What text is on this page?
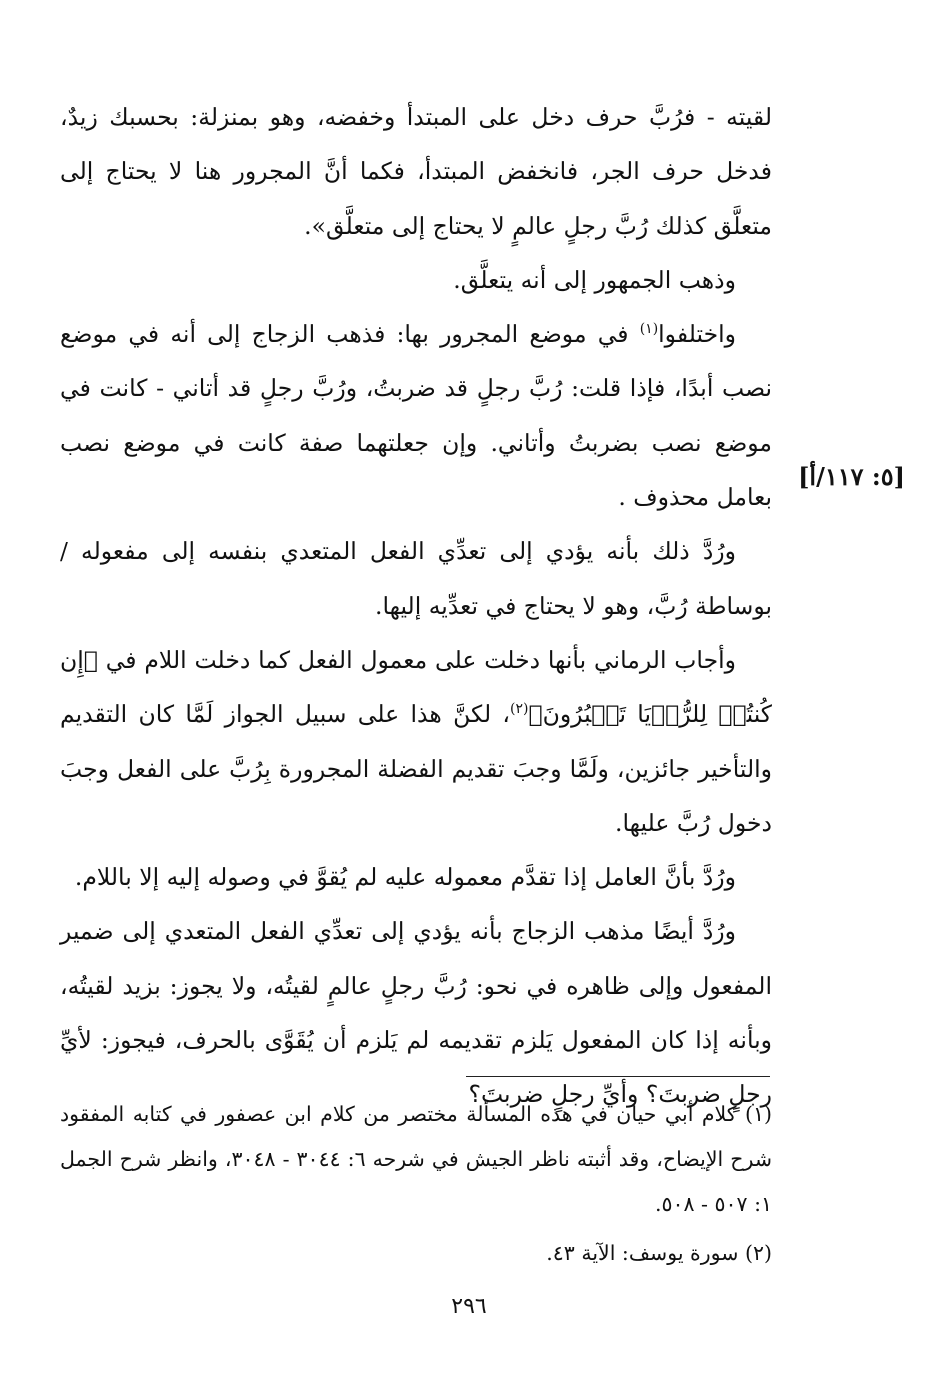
[٥: ١١٧/أ]

لقيته - فرُبَّ حرف دخل على المبتدأ وخفضه، وهو بمنزلة: بحسبك زيدٌ، فدخل حرف الجر، فانخفض المبتدأ، فكما أنَّ المجرور هنا لا يحتاج إلى متعلَّق كذلك رُبَّ رجلٍ عالمٍ لا يحتاج إلى متعلَّق».

وذهب الجمهور إلى أنه يتعلَّق.

واختلفوا$^{(١)}$ في موضع المجرور بها: فذهب الزجاج إلى أنه في موضع نصب أبدًا، فإذا قلت: رُبَّ رجلٍ قد ضربتُ، ورُبَّ رجلٍ قد أتاني - كانت في موضع نصب بضربتُ وأتاني. وإن جعلتهما صفة كانت في موضع نصب بعامل محذوف .

ورُدَّ ذلك بأنه يؤدي إلى تعدِّي الفعل المتعدي بنفسه إلى مفعوله /بوساطة رُبَّ، وهو لا يحتاج في تعدِّيه إليها.

وأجاب الرماني بأنها دخلت على معمول الفعل كما دخلت اللام في ﴿إِن كُنتُمۡ لِلرُّءۡيَا تَعۡبُرُونَ﴾$^{(٢)}$، لكنَّ هذا على سبيل الجواز لَمَّا كان التقديم والتأخير جائزين، ولَمَّا وجبَ تقديم الفضلة المجرورة بِرُبَّ على الفعل وجبَ دخول رُبَّ عليها.

ورُدَّ بأنَّ العامل إذا تقدَّم معموله عليه لم يُقوَّ في وصوله إليه إلا باللام.

ورُدَّ أيضًا مذهب الزجاج بأنه يؤدي إلى تعدِّي الفعل المتعدي إلى ضمير المفعول وإلى ظاهره في نحو: رُبَّ رجلٍ عالمٍ لقيتُه، ولا يجوز: بزيد لقيتُه، وبأنه إذا كان المفعول يَلزم تقديمه لم يَلزم أن يُقَوَّى بالحرف، فيجوز: لأيِّ رجلٍ ضربتَ؟ وأيِّ رجلٍ ضربتَ؟

(١) كلام أبي حيان في هذه المسألة مختصر من كلام ابن عصفور في كتابه المفقود شرح الإيضاح، وقد أثبته ناظر الجيش في شرحه ٦: ٣٠٤٤ - ٣٠٤٨، وانظر شرح الجمل ١: ٥٠٧ - ٥٠٨.

(٢) سورة يوسف: الآية ٤٣.

٢٩٦
